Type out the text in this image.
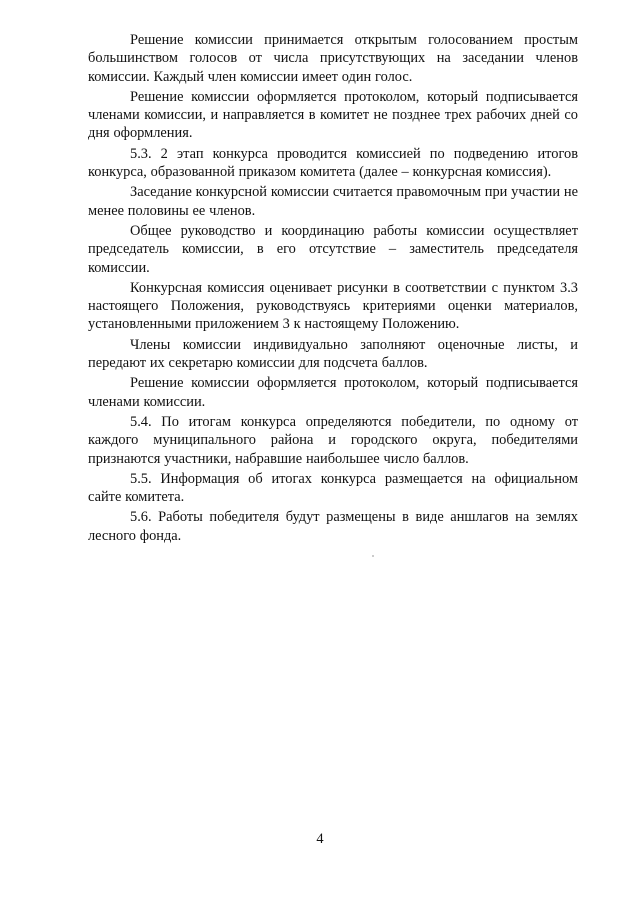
Решение комиссии принимается открытым голосованием простым большинством голосов от числа присутствующих на заседании членов комиссии. Каждый член комиссии имеет один голос.

Решение комиссии оформляется протоколом, который подписывается членами комиссии, и направляется в комитет не позднее трех рабочих дней со дня оформления.

5.3. 2 этап конкурса проводится комиссией по подведению итогов конкурса, образованной приказом комитета (далее – конкурсная комиссия).

Заседание конкурсной комиссии считается правомочным при участии не менее половины ее членов.

Общее руководство и координацию работы комиссии осуществляет председатель комиссии, в его отсутствие – заместитель председателя комиссии.

Конкурсная комиссия оценивает рисунки в соответствии с пунктом 3.3 настоящего Положения, руководствуясь критериями оценки материалов, установленными приложением 3 к настоящему Положению.

Члены комиссии индивидуально заполняют оценочные листы, и передают их секретарю комиссии для подсчета баллов.

Решение комиссии оформляется протоколом, который подписывается членами комиссии.

5.4. По итогам конкурса определяются победители, по одному от каждого муниципального района и городского округа, победителями признаются участники, набравшие наибольшее число баллов.

5.5. Информация об итогах конкурса размещается на официальном сайте комитета.

5.6. Работы победителя будут размещены в виде аншлагов на землях лесного фонда.

4
